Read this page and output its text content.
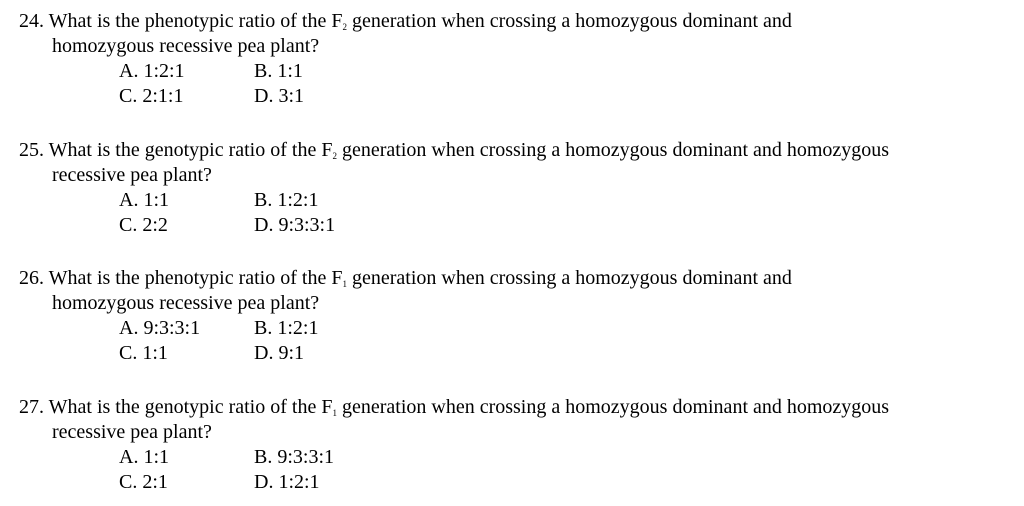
24. What is the phenotypic ratio of the $F_2$ generation when crossing a homozygous dominant and
homozygous recessive pea plant?
A. 1:2:1	B. 1:1
C. 2:1:1	D. 3:1
25. What is the genotypic ratio of the $F_2$ generation when crossing a homozygous dominant and homozygous
recessive pea plant?
A. 1:1	B. 1:2:1
C. 2:2	D. 9:3:3:1
26. What is the phenotypic ratio of the $F_1$ generation when crossing a homozygous dominant and
homozygous recessive pea plant?
A. 9:3:3:1	B. 1:2:1
C. 1:1	D. 9:1
27. What is the genotypic ratio of the $F_1$ generation when crossing a homozygous dominant and homozygous
recessive pea plant?
A. 1:1	B. 9:3:3:1
C. 2:1	D. 1:2:1
